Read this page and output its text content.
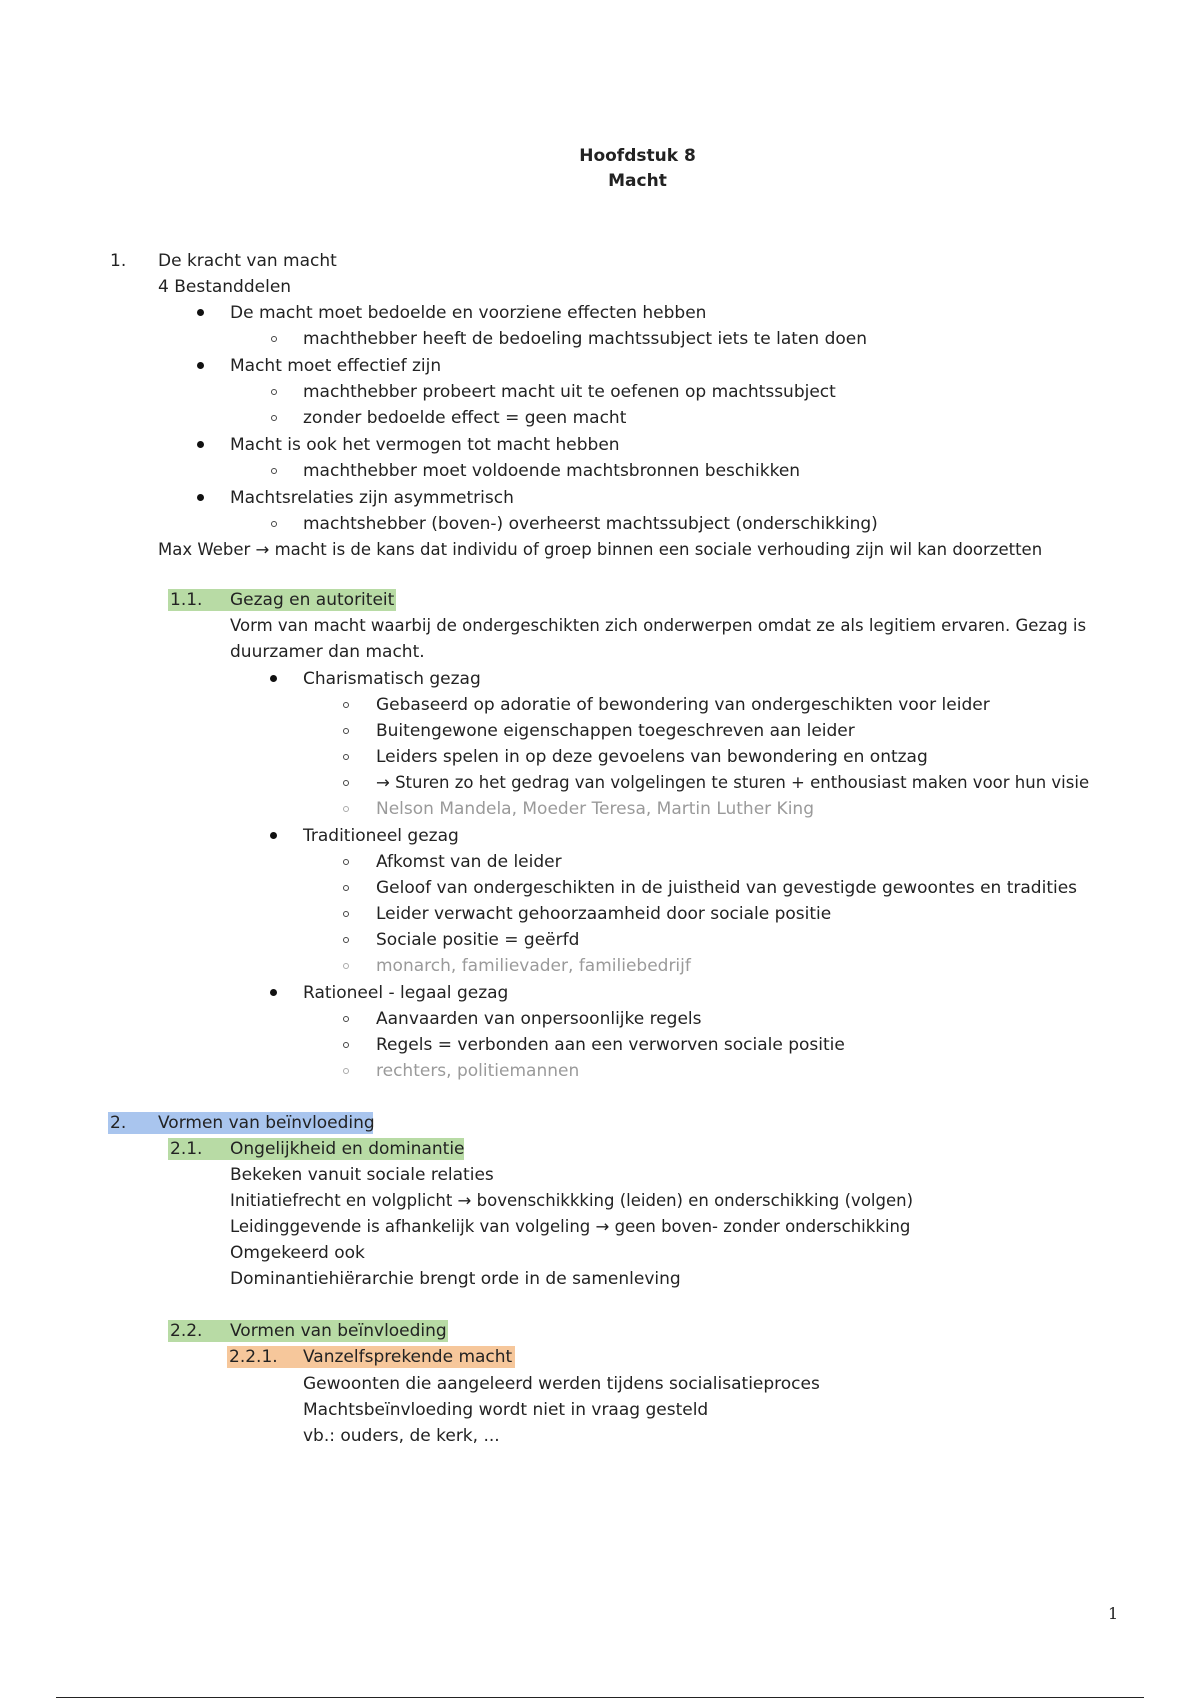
Hoofdstuk 8
Macht
1. De kracht van macht
4 Bestanddelen
De macht moet bedoelde en voorziene effecten hebben
machthebber heeft de bedoeling machtssubject iets te laten doen
Macht moet effectief zijn
machthebber probeert macht uit te oefenen op machtssubject
zonder bedoelde effect = geen macht
Macht is ook het vermogen tot macht hebben
machthebber moet voldoende machtsbronnen beschikken
Machtsrelaties zijn asymmetrisch
machtshebber (boven-) overheerst machtssubject (onderschikking)
Max Weber → macht is de kans dat individu of groep binnen een sociale verhouding zijn wil kan doorzetten
1.1. Gezag en autoriteit
Vorm van macht waarbij de ondergeschikten zich onderwerpen omdat ze als legitiem ervaren. Gezag is
duurzamer dan macht.
Charismatisch gezag
Gebaseerd op adoratie of bewondering van ondergeschikten voor leider
Buitengewone eigenschappen toegeschreven aan leider
Leiders spelen in op deze gevoelens van bewondering en ontzag
→ Sturen zo het gedrag van volgelingen te sturen + enthousiast maken voor hun visie
Nelson Mandela, Moeder Teresa, Martin Luther King
Traditioneel gezag
Afkomst van de leider
Geloof van ondergeschikten in de juistheid van gevestigde gewoontes en tradities
Leider verwacht gehoorzaamheid door sociale positie
Sociale positie = geërfd
monarch, familievader, familiebedrijf
Rationeel - legaal gezag
Aanvaarden van onpersoonlijke regels
Regels = verbonden aan een verworven sociale positie
rechters, politiemannen
2. Vormen van beïnvloeding
2.1. Ongelijkheid en dominantie
Bekeken vanuit sociale relaties
Initiatiefrecht en volgplicht → bovenschikkking (leiden) en onderschikking (volgen)
Leidinggevende is afhankelijk van volgeling → geen boven- zonder onderschikking
Omgekeerd ook
Dominantiehiërarchie brengt orde in de samenleving
2.2. Vormen van beïnvloeding
2.2.1. Vanzelfsprekende macht
Gewoonten die aangeleerd werden tijdens socialisatieproces
Machtsbeïnvloeding wordt niet in vraag gesteld
vb.: ouders, de kerk, ...
1
